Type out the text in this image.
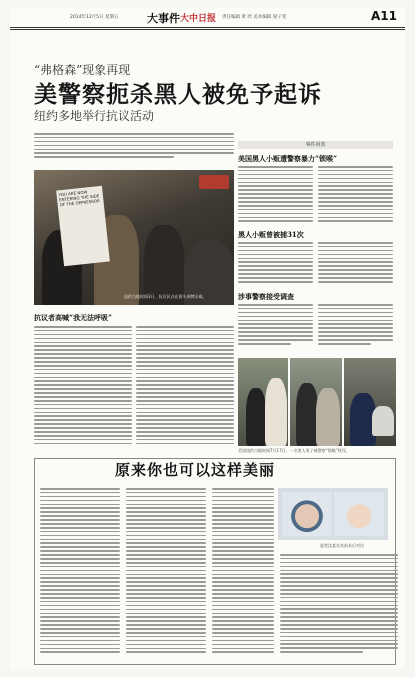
2014年12月5日 星期五	大事件 大中日报 责任编辑 黄 欣 美术编辑 梁子雯	A11
“弗格森”现象再现
美警察扼杀黑人被免予起诉
纽约多地举行抗议活动
YOU ARE NOW ENTERING THE SIDE OF THE OPPRESSOR
纽约当地时间3日，抗议民众在街头举牌示威。
抗议者高喊“我无法呼吸”
事件回放
美国黑人小贩遭警察暴力“锁喉”
黑人小贩曾被捕31次
涉事警察接受调查
美国纽约当地时间7月17日，一名黑人男子被警察“锁喉”致死。
原来你也可以这样美丽
患者沈某在术前术后对比
